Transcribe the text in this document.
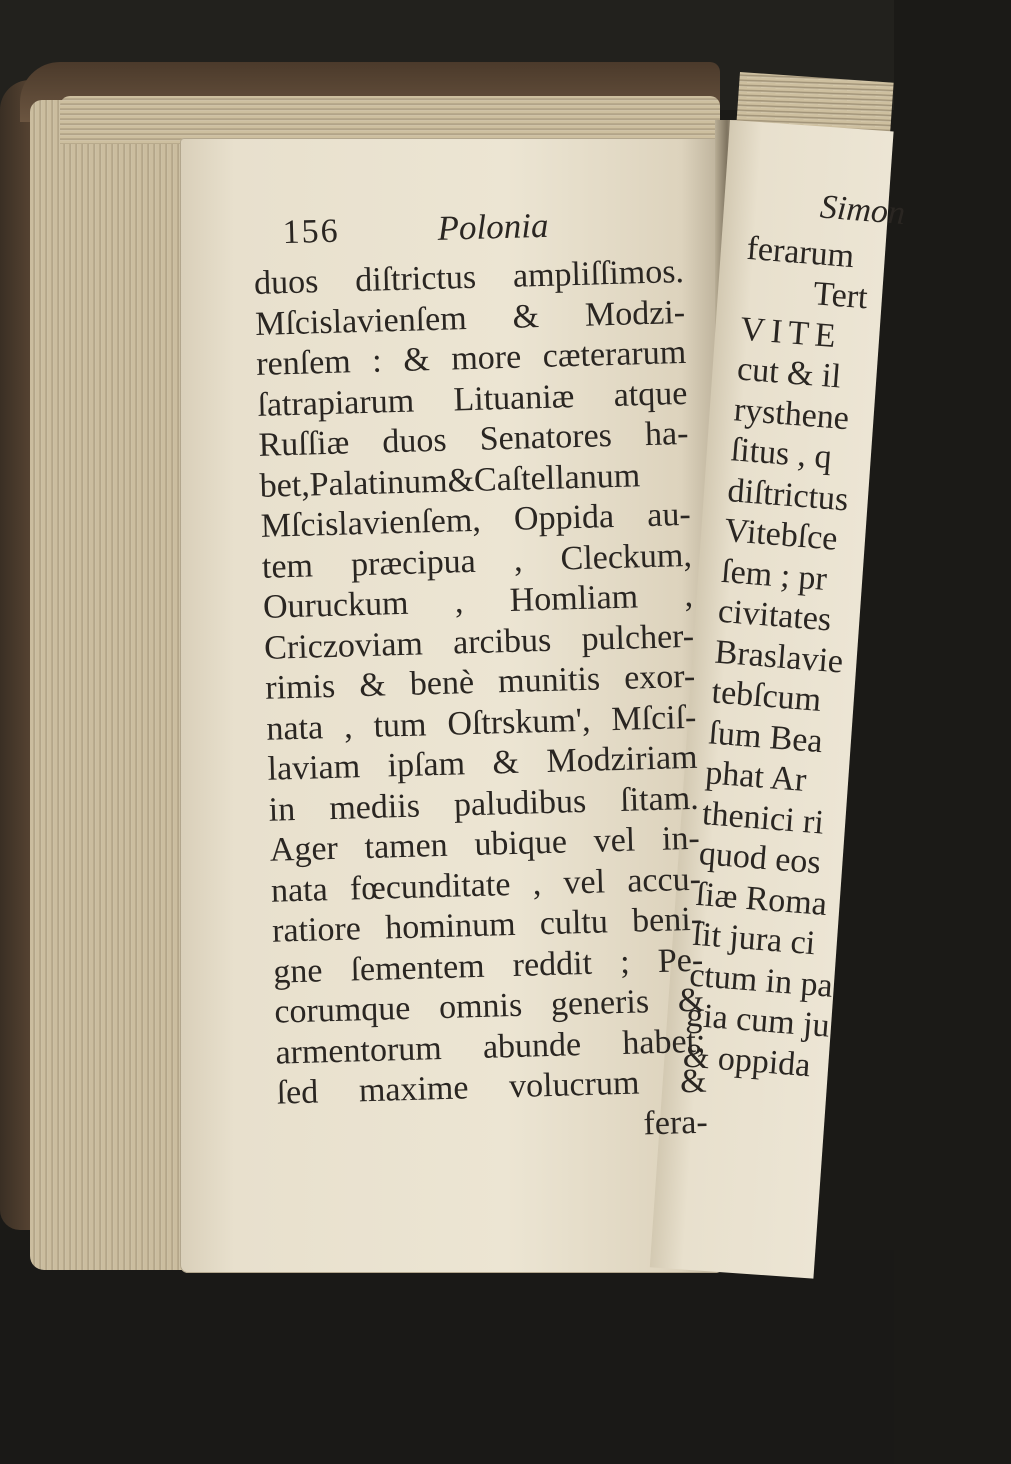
Simon
ferarum
Tert
VITE
cut & il
rysthene
ſitus , q
diſtrictus
Vitebſce
ſem ; pr
civitates
Braslavie
tebſcum
ſum Bea
phat Ar
thenici ri
quod eos
ſiæ Roma
ſit jura ci
ctum in pa
gia cum ju
& oppida
156	Polonia
duos diſtrictus ampliſſimos.
Mſcislavienſem & Modzi-
renſem : & more cæterarum
ſatrapiarum Lituaniæ atque
Ruſſiæ duos Senatores ha-
bet,Palatinum&Caſtellanum
Mſcislavienſem, Oppida au-
tem præcipua , Cleckum,
Ouruckum , Homliam ,
Criczoviam arcibus pulcher-
rimis & benè munitis exor-
nata , tum Oſtrskum', Mſciſ-
laviam ipſam & Modziriam
in mediis paludibus ſitam.
Ager tamen ubique vel in-
nata fœcunditate , vel accu-
ratiore hominum cultu beni-
gne ſementem reddit ; Pe-
corumque omnis generis &
armentorum abunde habet;
ſed maxime volucrum &
fera-
